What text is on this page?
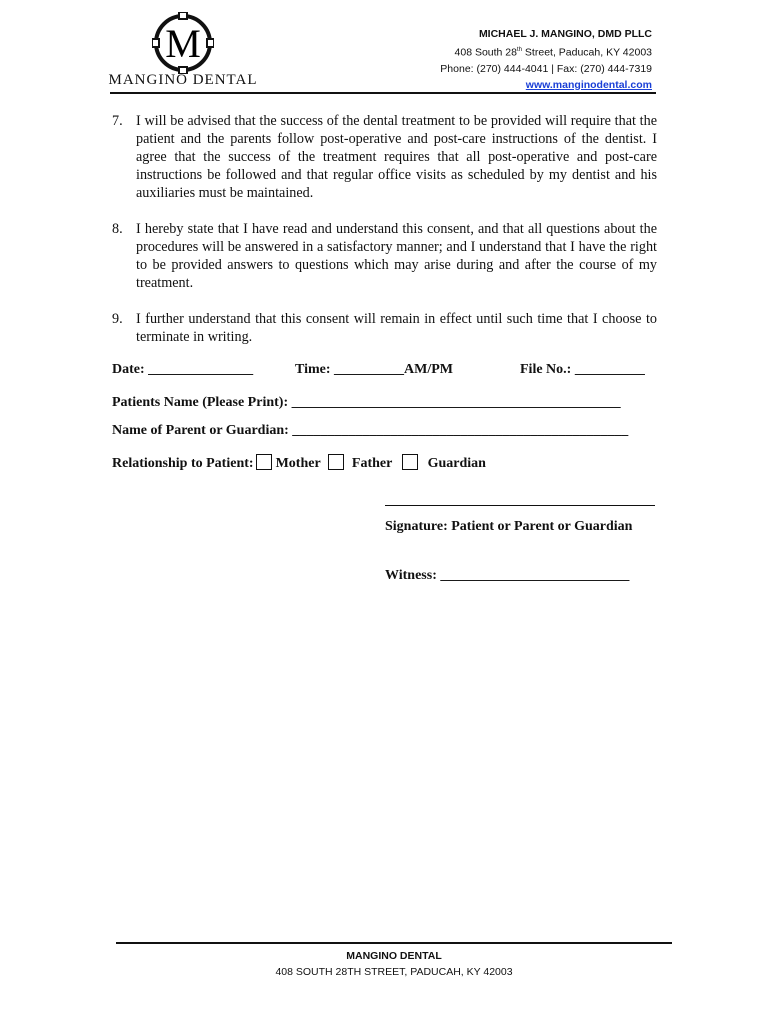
M
MANGINO DENTAL
MICHAEL J. MANGINO, DMD PLLC
408 South 28th Street, Paducah, KY 42003
Phone: (270) 444-4041 | Fax: (270) 444-7319
www.manginodental.com
7. I will be advised that the success of the dental treatment to be provided will require that the patient and the parents follow post-operative and post-care instructions of the dentist. I agree that the success of the treatment requires that all post-operative and post-care instructions be followed and that regular office visits as scheduled by my dentist and his auxiliaries must be maintained.
8. I hereby state that I have read and understand this consent, and that all questions about the procedures will be answered in a satisfactory manner; and I understand that I have the right to be provided answers to questions which may arise during and after the course of my treatment.
9. I further understand that this consent will remain in effect until such time that I choose to terminate in writing.
Date: _______________	Time: __________AM/PM	File No.: __________
Patients Name (Please Print): _______________________________________________
Name of Parent or Guardian: ________________________________________________
Relationship to Patient: Mother Father	Guardian
Signature: Patient or Parent or Guardian
Witness: ___________________________
MANGINO DENTAL
408 SOUTH 28TH STREET, PADUCAH, KY 42003
